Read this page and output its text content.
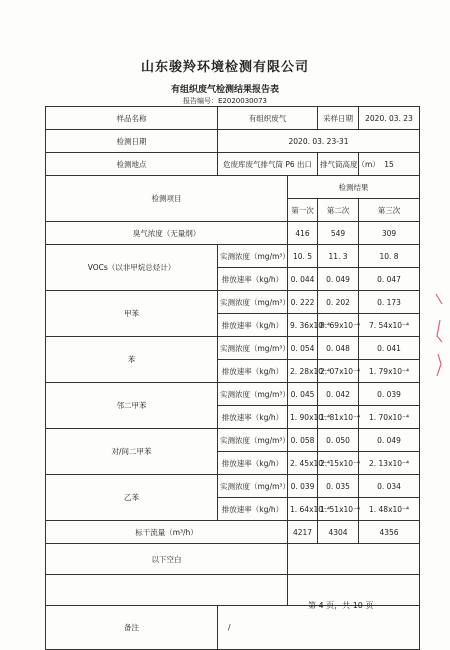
山东骏羚环境检测有限公司
有组织废气检测结果报告表
报告编号：E2020030073
样品名称	有组织废气		采样日期	2020. 03. 23
检测日期	2020. 03. 23-31			
检测地点	危废库废气排气筒 P6 出口		排气筒高度（m）	15
检测项目		检测结果		
		第一次	第二次	第三次
臭气浓度（无量纲）		416	549	309
VOCs（以非甲烷总烃计）	实测浓度（mg/m³）	10. 5	11. 3	10. 8
	排放速率（kg/h）	0. 044	0. 049	0. 047
甲苯	实测浓度（mg/m³）	0. 222	0. 202	0. 173
	排放速率（kg/h）	9. 36x10⁻⁴	8. 69x10⁻⁴	7. 54x10⁻⁴
苯	实测浓度（mg/m³）	0. 054	0. 048	0. 041
	排放速率（kg/h）	2. 28x10⁻⁴	2. 07x10⁻⁴	1. 79x10⁻⁴
邻二甲苯	实测浓度（mg/m³）	0. 045	0. 042	0. 039
	排放速率（kg/h）	1. 90x10⁻⁴	1. 81x10⁻⁴	1. 70x10⁻⁴
对/间二甲苯	实测浓度（mg/m³）	0. 058	0. 050	0. 049
	排放速率（kg/h）	2. 45x10⁻⁴	2. 15x10⁻⁴	2. 13x10⁻⁴
乙苯	实测浓度（mg/m³）	0. 039	0. 035	0. 034
	排放速率（kg/h）	1. 64x10⁻⁴	1. 51x10⁻⁴	1. 48x10⁻⁴
标干流量（m³/h）		4217	4304	4356
以下空白				

备注	/			
第 4 页，共 10 页
